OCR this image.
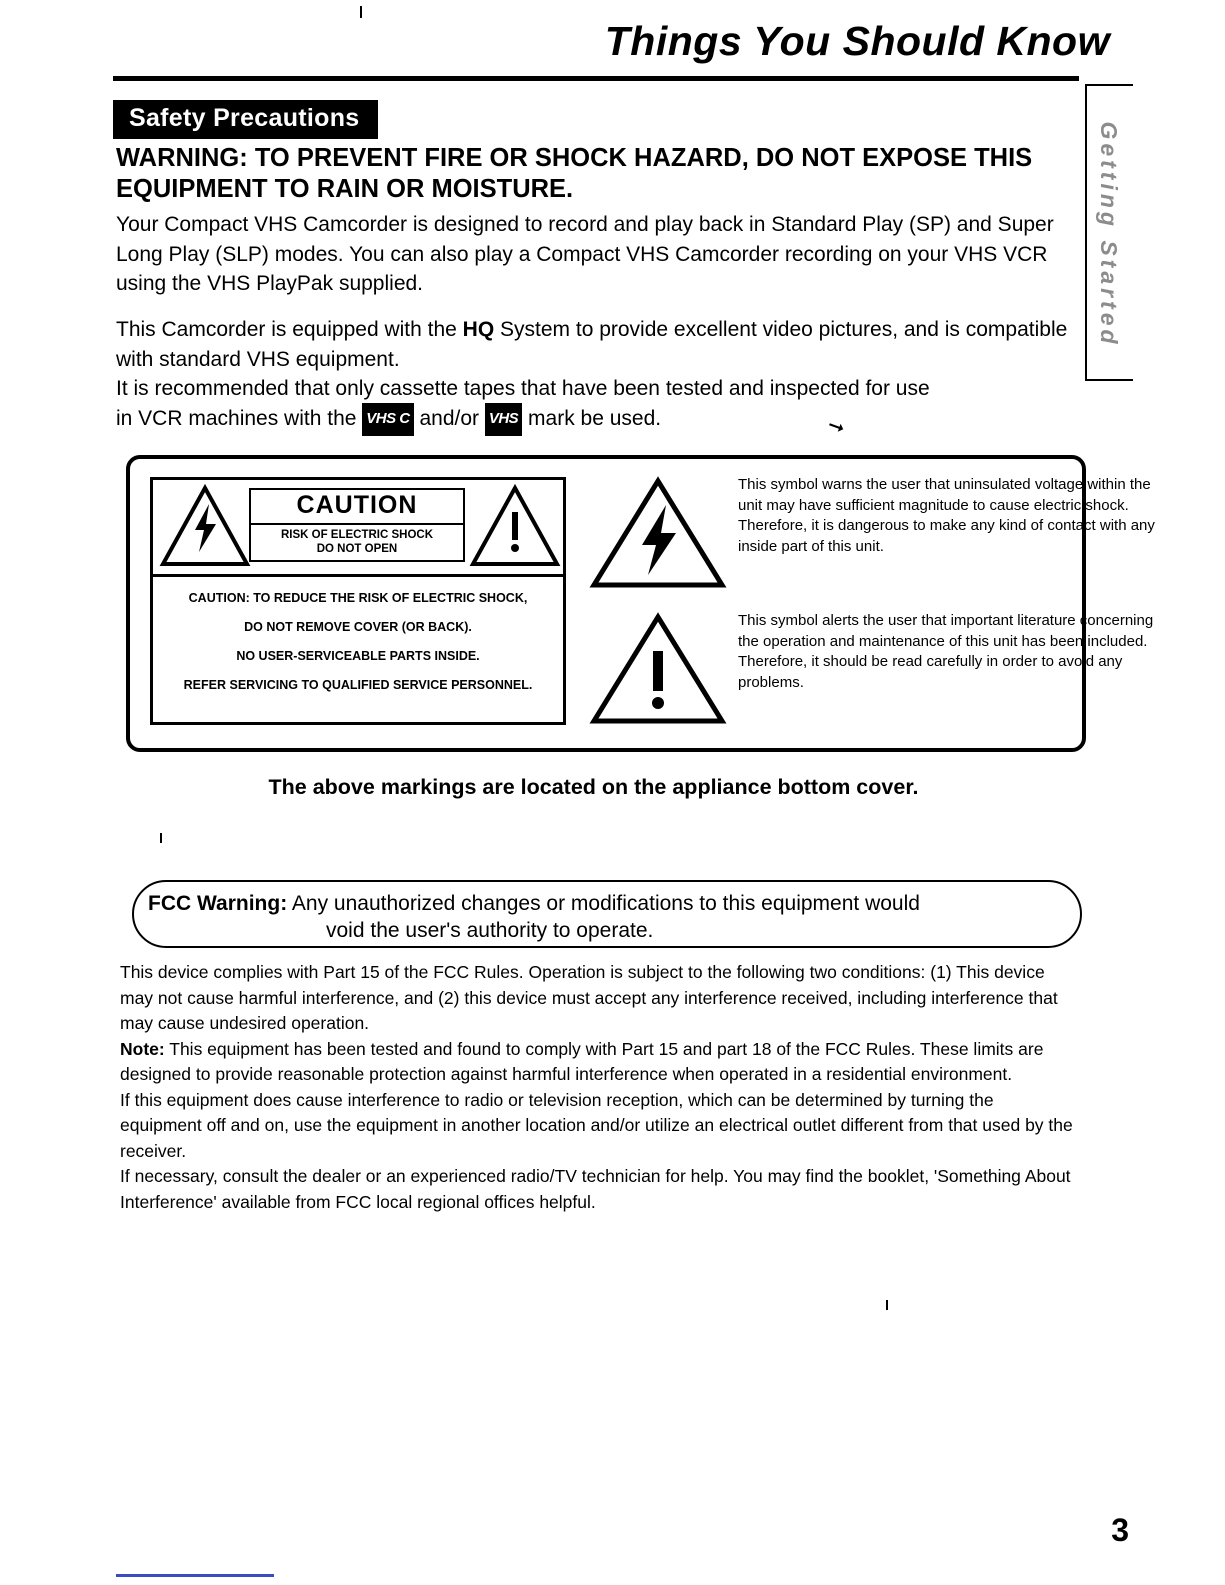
Things You Should Know
Getting Started
Safety Precautions
WARNING: TO PREVENT FIRE OR SHOCK HAZARD, DO NOT EXPOSE THIS EQUIPMENT TO RAIN OR MOISTURE.
Your Compact VHS Camcorder is designed to record and play back in Standard Play (SP) and Super Long Play (SLP) modes. You can also play a Compact VHS Camcorder recording on your VHS VCR using the VHS PlayPak supplied.
This Camcorder is equipped with the HQ System to provide excellent video pictures, and is compatible with standard VHS equipment.
It is recommended that only cassette tapes that have been tested and inspected for use
in VCR machines with the VHS C and/or VHS mark be used.	➞
CAUTION
RISK OF ELECTRIC SHOCK
DO NOT OPEN
CAUTION: TO REDUCE THE RISK OF ELECTRIC SHOCK,
DO NOT REMOVE COVER (OR BACK).
NO USER-SERVICEABLE PARTS INSIDE.
REFER SERVICING TO QUALIFIED SERVICE PERSONNEL.
This symbol warns the user that uninsulated voltage within the unit may have sufficient magnitude to cause electric shock. Therefore, it is dangerous to make any kind of contact with any inside part of this unit.
This symbol alerts the user that important literature concerning the operation and maintenance of this unit has been included. Therefore, it should be read carefully in order to avoid any problems.
The above markings are located on the appliance bottom cover.
FCC Warning: Any unauthorized changes or modifications to this equipment would
void the user's authority to operate.

This device complies with Part 15 of the FCC Rules. Operation is subject to the following two conditions: (1) This device may not cause harmful interference, and (2) this device must accept any interference received, including interference that may cause undesired operation.

Note: This equipment has been tested and found to comply with Part 15 and part 18 of the FCC Rules. These limits are designed to provide reasonable protection against harmful interference when operated in a residential environment.

If this equipment does cause interference to radio or television reception, which can be determined by turning the equipment off and on, use the equipment in another location and/or utilize an electrical outlet different from that used by the receiver.

If necessary, consult the dealer or an experienced radio/TV technician for help. You may find the booklet, 'Something About Interference' available from FCC local regional offices helpful.

3
